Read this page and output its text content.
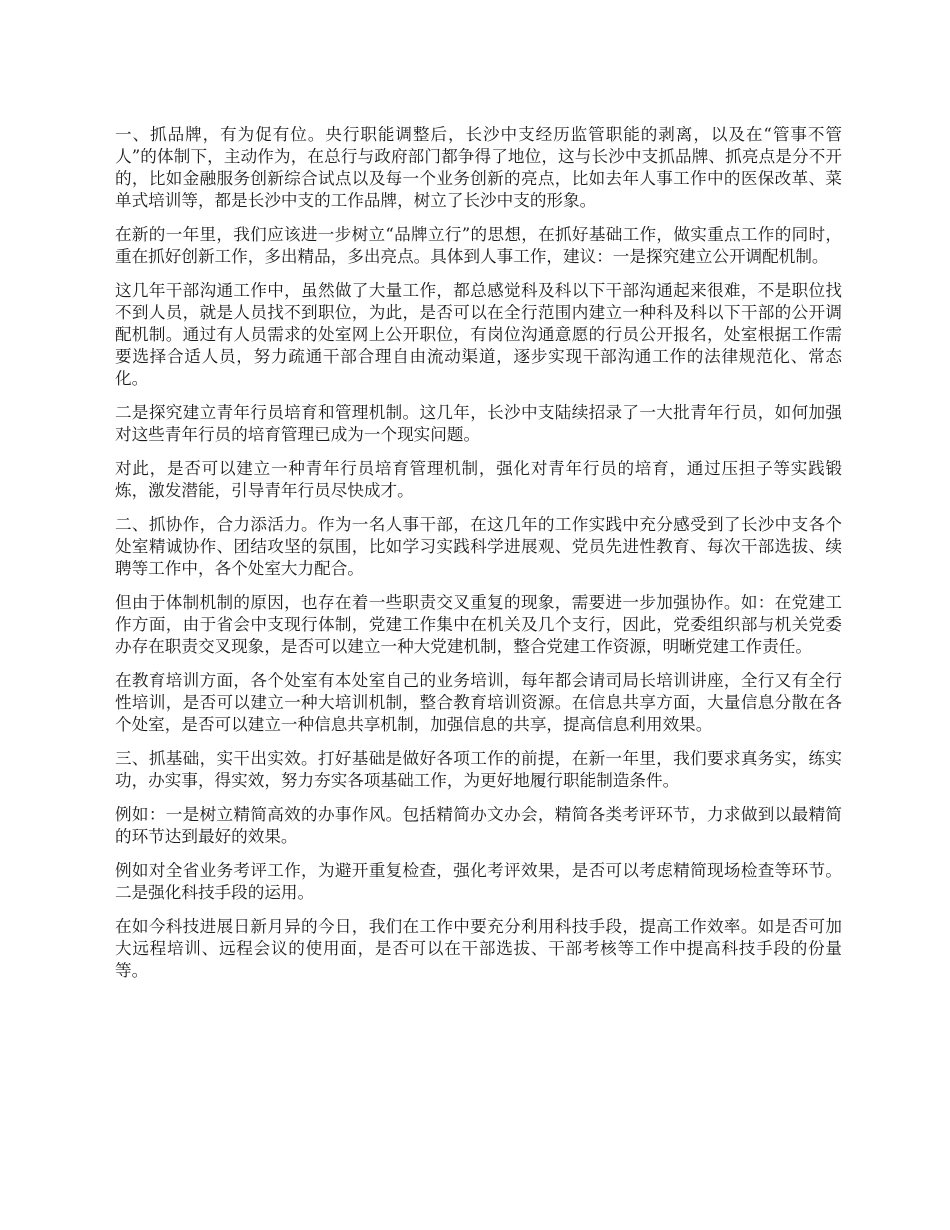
一、抓品牌，有为促有位。央行职能调整后，长沙中支经历监管职能的剥离，以及在“管事不管人”的体制下，主动作为，在总行与政府部门都争得了地位，这与长沙中支抓品牌、抓亮点是分不开的，比如金融服务创新综合试点以及每一个业务创新的亮点，比如去年人事工作中的医保改革、菜单式培训等，都是长沙中支的工作品牌，树立了长沙中支的形象。

在新的一年里，我们应该进一步树立“品牌立行”的思想，在抓好基础工作，做实重点工作的同时，重在抓好创新工作，多出精品，多出亮点。具体到人事工作，建议：一是探究建立公开调配机制。

这几年干部沟通工作中，虽然做了大量工作，都总感觉科及科以下干部沟通起来很难，不是职位找不到人员，就是人员找不到职位，为此，是否可以在全行范围内建立一种科及科以下干部的公开调配机制。通过有人员需求的处室网上公开职位，有岗位沟通意愿的行员公开报名，处室根据工作需要选择合适人员，努力疏通干部合理自由流动渠道，逐步实现干部沟通工作的法律规范化、常态化。

二是探究建立青年行员培育和管理机制。这几年，长沙中支陆续招录了一大批青年行员，如何加强对这些青年行员的培育管理已成为一个现实问题。

对此，是否可以建立一种青年行员培育管理机制，强化对青年行员的培育，通过压担子等实践锻炼，激发潜能，引导青年行员尽快成才。

二、抓协作，合力添活力。作为一名人事干部，在这几年的工作实践中充分感受到了长沙中支各个处室精诚协作、团结攻坚的氛围，比如学习实践科学进展观、党员先进性教育、每次干部选拔、续聘等工作中，各个处室大力配合。

但由于体制机制的原因，也存在着一些职责交叉重复的现象，需要进一步加强协作。如：在党建工作方面，由于省会中支现行体制，党建工作集中在机关及几个支行，因此，党委组织部与机关党委办存在职责交叉现象，是否可以建立一种大党建机制，整合党建工作资源，明晰党建工作责任。

在教育培训方面，各个处室有本处室自己的业务培训，每年都会请司局长培训讲座，全行又有全行性培训，是否可以建立一种大培训机制，整合教育培训资源。在信息共享方面，大量信息分散在各个处室，是否可以建立一种信息共享机制，加强信息的共享，提高信息利用效果。

三、抓基础，实干出实效。打好基础是做好各项工作的前提，在新一年里，我们要求真务实，练实功，办实事，得实效，努力夯实各项基础工作，为更好地履行职能制造条件。

例如：一是树立精简高效的办事作风。包括精简办文办会，精简各类考评环节，力求做到以最精简的环节达到最好的效果。

例如对全省业务考评工作，为避开重复检查，强化考评效果，是否可以考虑精简现场检查等环节。二是强化科技手段的运用。

在如今科技进展日新月异的今日，我们在工作中要充分利用科技手段，提高工作效率。如是否可加大远程培训、远程会议的使用面，是否可以在干部选拔、干部考核等工作中提高科技手段的份量等。
